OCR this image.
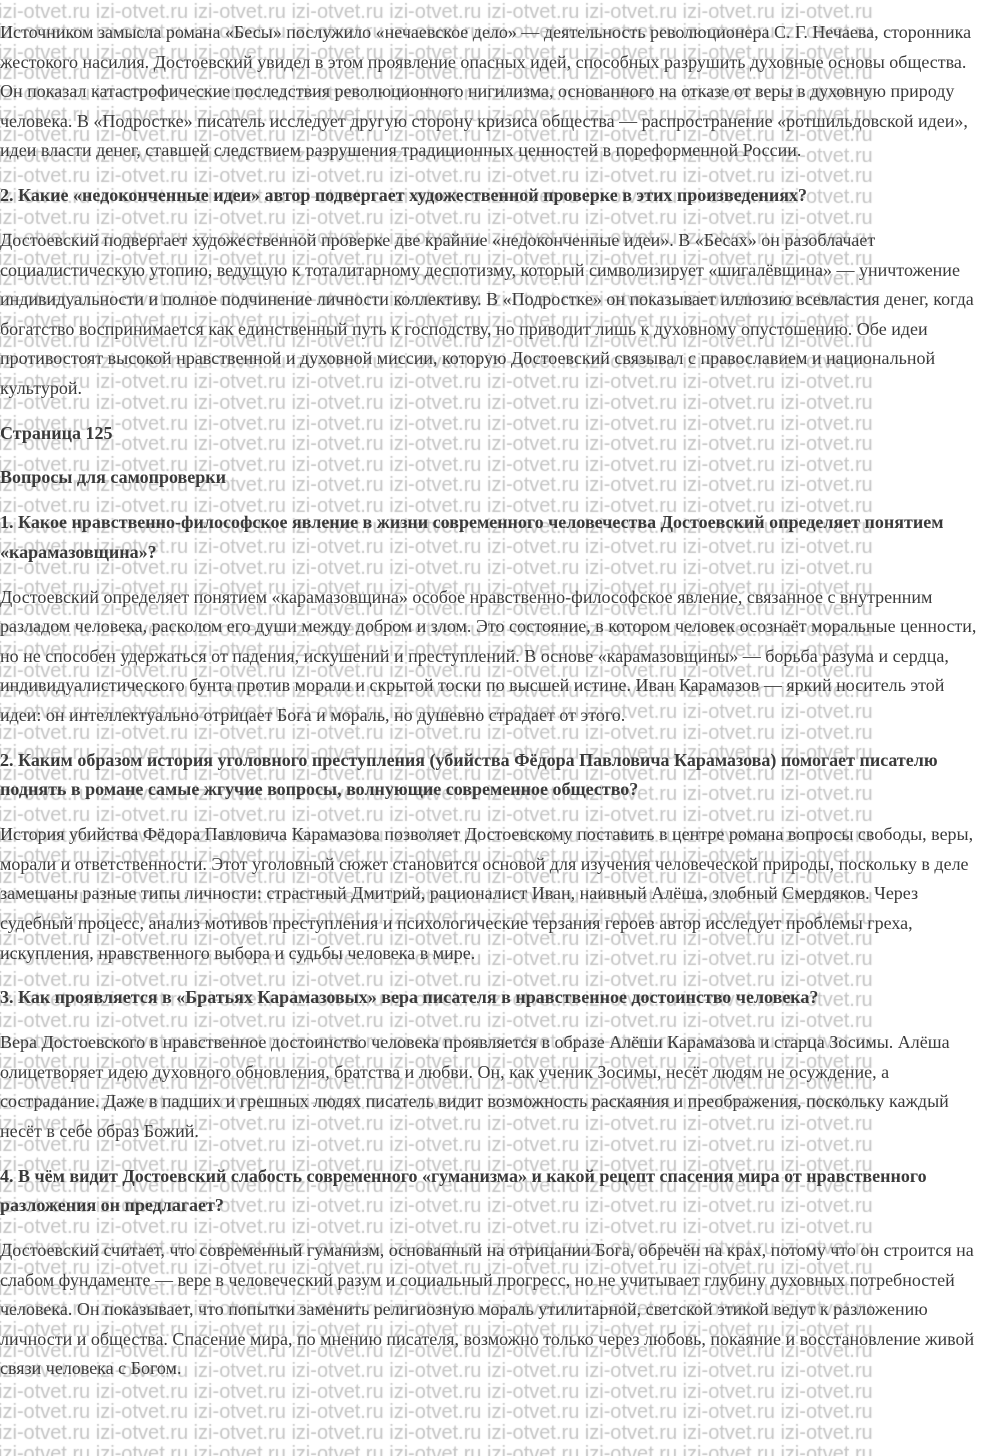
Источником замысла романа «Бесы» послужило «нечаевское дело» — деятельность революционера С. Г. Нечаева, сторонника жестокого насилия. Достоевский увидел в этом проявление опасных идей, способных разрушить духовные основы общества. Он показал катастрофические последствия революционного нигилизма, основанного на отказе от веры в духовную природу человека. В «Подростке» писатель исследует другую сторону кризиса общества — распространение «ротшильдовской идеи», идеи власти денег, ставшей следствием разрушения традиционных ценностей в пореформенной России.

2. Какие «недоконченные идеи» автор подвергает художественной проверке в этих произведениях?

Достоевский подвергает художественной проверке две крайние «недоконченные идеи». В «Бесах» он разоблачает социалистическую утопию, ведущую к тоталитарному деспотизму, который символизирует «шигалёвщина» — уничтожение индивидуальности и полное подчинение личности коллективу. В «Подростке» он показывает иллюзию всевластия денег, когда богатство воспринимается как единственный путь к господству, но приводит лишь к духовному опустошению. Обе идеи противостоят высокой нравственной и духовной миссии, которую Достоевский связывал с православием и национальной культурой.

Страница 125

Вопросы для самопроверки

1. Какое нравственно-философское явление в жизни современного человечества Достоевский определяет понятием «карамазовщина»?

Достоевский определяет понятием «карамазовщина» особое нравственно-философское явление, связанное с внутренним разладом человека, расколом его души между добром и злом. Это состояние, в котором человек осознаёт моральные ценности, но не способен удержаться от падения, искушений и преступлений. В основе «карамазовщины» — борьба разума и сердца, индивидуалистического бунта против морали и скрытой тоски по высшей истине. Иван Карамазов — яркий носитель этой идеи: он интеллектуально отрицает Бога и мораль, но душевно страдает от этого.

2. Каким образом история уголовного преступления (убийства Фёдора Павловича Карамазова) помогает писателю поднять в романе самые жгучие вопросы, волнующие современное общество?

История убийства Фёдора Павловича Карамазова позволяет Достоевскому поставить в центре романа вопросы свободы, веры, морали и ответственности. Этот уголовный сюжет становится основой для изучения человеческой природы, поскольку в деле замешаны разные типы личности: страстный Дмитрий, рационалист Иван, наивный Алёша, злобный Смердяков. Через судебный процесс, анализ мотивов преступления и психологические терзания героев автор исследует проблемы греха, искупления, нравственного выбора и судьбы человека в мире.

3. Как проявляется в «Братьях Карамазовых» вера писателя в нравственное достоинство человека?

Вера Достоевского в нравственное достоинство человека проявляется в образе Алёши Карамазова и старца Зосимы. Алёша олицетворяет идею духовного обновления, братства и любви. Он, как ученик Зосимы, несёт людям не осуждение, а сострадание. Даже в падших и грешных людях писатель видит возможность раскаяния и преображения, поскольку каждый несёт в себе образ Божий.

4. В чём видит Достоевский слабость современного «гуманизма» и какой рецепт спасения мира от нравственного разложения он предлагает?

Достоевский считает, что современный гуманизм, основанный на отрицании Бога, обречён на крах, потому что он строится на слабом фундаменте — вере в человеческий разум и социальный прогресс, но не учитывает глубину духовных потребностей человека. Он показывает, что попытки заменить религиозную мораль утилитарной, светской этикой ведут к разложению личности и общества. Спасение мира, по мнению писателя, возможно только через любовь, покаяние и восстановление живой связи человека с Богом.
